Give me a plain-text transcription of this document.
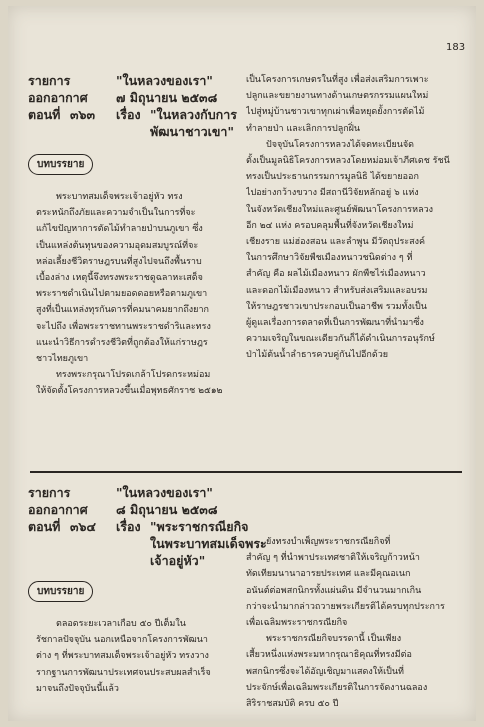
183
รายการ	"ในหลวงของเรา"
ออกอากาศ	๗ มิถุนายน ๒๕๓๘
ตอนที่ ๓๖๓	เรื่อง "ในหลวงกับการ
พัฒนาชาวเขา"
บทบรรยาย

พระบาทสมเด็จพระเจ้าอยู่หัว ทรง

ตระหนักถึงภัยและความจำเป็นในการที่จะ

แก้ไขปัญหาการตัดไม้ทำลายป่าบนภูเขา ซึ่ง

เป็นแหล่งต้นทุนของความอุดมสมบูรณ์ที่จะ

หล่อเลี้ยงชีวิตราษฎรบนที่สูงไปจนถึงพื้นราบ

เบื้องล่าง เหตุนี้จึงทรงพระราชดูฉลาหะเสด็จ

พระราชดำเนินไปตามยอดดอยหรือตามภูเขา

สูงที่เป็นแหล่งทุรกันดารที่คมนาคมยากถึงยาก

จะไปถึง เพื่อพระราชทานพระราชดำริและทรง

แนะนำวิธีการดำรงชีวิตที่ถูกต้องให้แก่ราษฎร

ชาวไทยภูเขา

ทรงพระกรุณาโปรดเกล้าโปรดกระหม่อม

ให้จัดตั้งโครงการหลวงขึ้นเมื่อพุทธศักราช ๒๕๑๒

เป็นโครงการเกษตรในที่สูง เพื่อส่งเสริมการเพาะ

ปลูกและขยายงานทางด้านเกษตรกรรมแผนใหม่

ไปสู่หมู่บ้านชาวเขาทุกเผ่าเพื่อหยุดยั้งการตัดไม้

ทำลายป่า และเลิกการปลูกฝิ่น

ปัจจุบันโครงการหลวงได้จดทะเบียนจัด

ตั้งเป็นมูลนิธิโครงการหลวงโดยหม่อมเจ้าภีศเดช รัชนี

ทรงเป็นประธานกรรมการมูลนิธิ ได้ขยายออก

ไปอย่างกว้างขวาง มีสถานีวิจัยหลักอยู่ ๖ แห่ง

ในจังหวัดเชียงใหม่และศูนย์พัฒนาโครงการหลวง

อีก ๒๔ แห่ง ครอบคลุมพื้นที่จังหวัดเชียงใหม่

เชียงราย แม่ฮ่องสอน และลำพูน มีวัตถุประสงค์

ในการศึกษาวิจัยพืชเมืองหนาวชนิดต่าง ๆ ที่

สำคัญ คือ ผลไม้เมืองหนาว ผักพืชไร่เมืองหนาว

และดอกไม้เมืองหนาว สำหรับส่งเสริมและอบรม

ให้ราษฎรชาวเขาประกอบเป็นอาชีพ รวมทั้งเป็น

ผู้ดูแลเรื่องการตลาดที่เป็นการพัฒนาที่นำมาซึ่ง

ความเจริญในขณะเดียวกันก็ได้ดำเนินการอนุรักษ์

ป่าไม้ต้นน้ำลำธารควบคู่กันไปอีกด้วย

รายการ	"ในหลวงของเรา"
ออกอากาศ	๘ มิถุนายน ๒๕๓๘
ตอนที่ ๓๖๔	เรื่อง "พระราชกรณียกิจ
ในพระบาทสมเด็จพระ
เจ้าอยู่หัว"
บทบรรยาย

ตลอดระยะเวลาเกือบ ๕๐ ปีเต็มใน

รัชกาลปัจจุบัน นอกเหนือจากโครงการพัฒนา

ต่าง ๆ ที่พระบาทสมเด็จพระเจ้าอยู่หัว ทรงวาง

รากฐานการพัฒนาประเทศจนประสบผลสำเร็จ

มาจนถึงปัจจุบันนี้แล้ว

ยังทรงบำเพ็ญพระราชกรณียกิจที่

สำคัญ ๆ ที่นำพาประเทศชาติให้เจริญก้าวหน้า

ทัดเทียมนานาอารยประเทศ และมีคุณอเนก

อนันต์ต่อพสกนิกรทั้งแผ่นดิน มีจำนวนมากเกิน

กว่าจะนำมากล่าวถวายพระเกียรติได้ครบทุกประการ

เพื่อเฉลิมพระราชกรณียกิจ

พระราชกรณียกิจบรรดานี้ เป็นเพียง

เสี้ยวหนึ่งแห่งพระมหากรุณาธิคุณที่ทรงมีต่อ

พสกนิกรซึ่งจะได้อัญเชิญมาแสดงให้เป็นที่

ประจักษ์เพื่อเฉลิมพระเกียรติในการจัดงานฉลอง

สิริราชสมบัติ ครบ ๕๐ ปี
